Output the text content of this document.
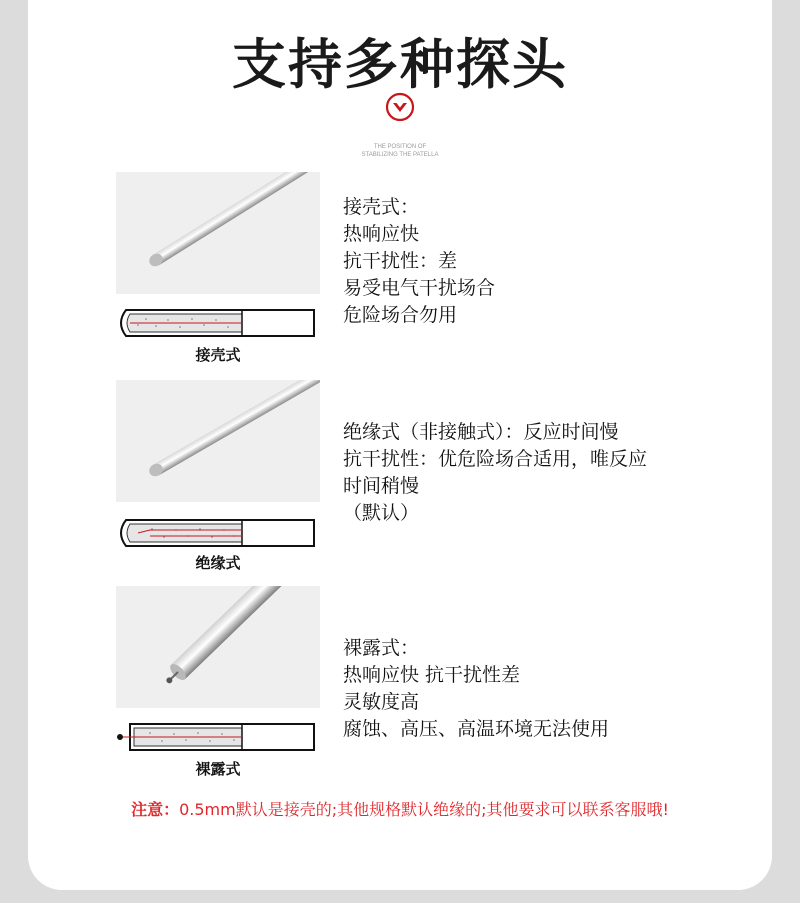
支持多种探头
THE POSITION OF
STABILIZING THE PATELLA
接壳式
接壳式：
热响应快
抗干扰性：差
易受电气干扰场合
危险场合勿用
绝缘式
绝缘式（非接触式）：反应时间慢
抗干扰性：优危险场合适用，唯反应
时间稍慢
（默认）
裸露式
裸露式：
热响应快 抗干扰性差
灵敏度高
腐蚀、高压、高温环境无法使用
注意：0.5mm默认是接壳的;其他规格默认绝缘的;其他要求可以联系客服哦!
